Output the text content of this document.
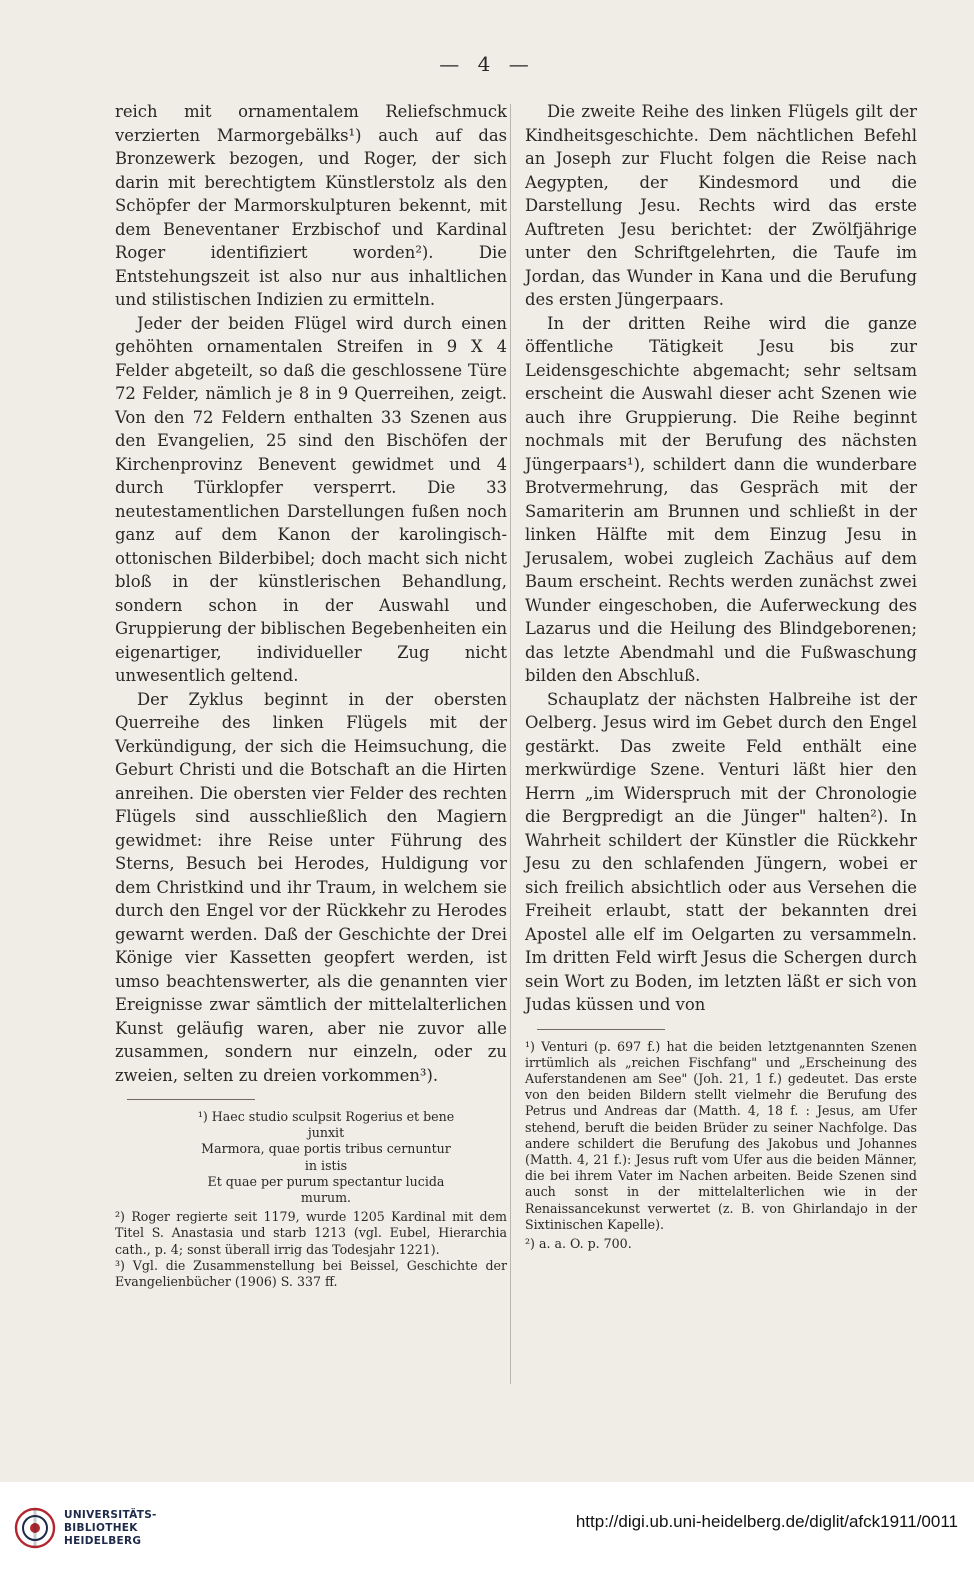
— 4 —

reich mit ornamentalem Reliefschmuck verzierten Marmorgebälks¹) auch auf das Bronzewerk bezogen, und Roger, der sich darin mit berechtigtem Künstlerstolz als den Schöpfer der Marmorskulpturen bekennt, mit dem Beneventaner Erzbischof und Kardinal Roger identifiziert worden²). Die Entstehungszeit ist also nur aus inhaltlichen und stilistischen Indizien zu ermitteln.

Jeder der beiden Flügel wird durch einen gehöhten ornamentalen Streifen in 9 X 4 Felder abgeteilt, so daß die geschlossene Türe 72 Felder, nämlich je 8 in 9 Querreihen, zeigt. Von den 72 Feldern enthalten 33 Szenen aus den Evangelien, 25 sind den Bischöfen der Kirchenprovinz Benevent gewidmet und 4 durch Türklopfer versperrt. Die 33 neutestamentlichen Darstellungen fußen noch ganz auf dem Kanon der karolingisch-ottonischen Bilderbibel; doch macht sich nicht bloß in der künstlerischen Behandlung, sondern schon in der Auswahl und Gruppierung der biblischen Begebenheiten ein eigenartiger, individueller Zug nicht unwesentlich geltend.

Der Zyklus beginnt in der obersten Querreihe des linken Flügels mit der Verkündigung, der sich die Heimsuchung, die Geburt Christi und die Botschaft an die Hirten anreihen. Die obersten vier Felder des rechten Flügels sind ausschließlich den Magiern gewidmet: ihre Reise unter Führung des Sterns, Besuch bei Herodes, Huldigung vor dem Christkind und ihr Traum, in welchem sie durch den Engel vor der Rückkehr zu Herodes gewarnt werden. Daß der Geschichte der Drei Könige vier Kassetten geopfert werden, ist umso beachtenswerter, als die genannten vier Ereignisse zwar sämtlich der mittelalterlichen Kunst geläufig waren, aber nie zuvor alle zusammen, sondern nur einzeln, oder zu zweien, selten zu dreien vorkommen³).

¹) Haec studio sculpsit Rogerius et bene
junxit
Marmora, quae portis tribus cernuntur
in istis
Et quae per purum spectantur lucida
murum.

²) Roger regierte seit 1179, wurde 1205 Kardinal mit dem Titel S. Anastasia und starb 1213 (vgl. Eubel, Hierarchia cath., p. 4; sonst überall irrig das Todesjahr 1221).

³) Vgl. die Zusammenstellung bei Beissel, Geschichte der Evangelienbücher (1906) S. 337 ff.

Die zweite Reihe des linken Flügels gilt der Kindheitsgeschichte. Dem nächtlichen Befehl an Joseph zur Flucht folgen die Reise nach Aegypten, der Kindesmord und die Darstellung Jesu. Rechts wird das erste Auftreten Jesu berichtet: der Zwölfjährige unter den Schriftgelehrten, die Taufe im Jordan, das Wunder in Kana und die Berufung des ersten Jüngerpaars.

In der dritten Reihe wird die ganze öffentliche Tätigkeit Jesu bis zur Leidensgeschichte abgemacht; sehr seltsam erscheint die Auswahl dieser acht Szenen wie auch ihre Gruppierung. Die Reihe beginnt nochmals mit der Berufung des nächsten Jüngerpaars¹), schildert dann die wunderbare Brotvermehrung, das Gespräch mit der Samariterin am Brunnen und schließt in der linken Hälfte mit dem Einzug Jesu in Jerusalem, wobei zugleich Zachäus auf dem Baum erscheint. Rechts werden zunächst zwei Wunder eingeschoben, die Auferweckung des Lazarus und die Heilung des Blindgeborenen; das letzte Abendmahl und die Fußwaschung bilden den Abschluß.

Schauplatz der nächsten Halbreihe ist der Oelberg. Jesus wird im Gebet durch den Engel gestärkt. Das zweite Feld enthält eine merkwürdige Szene. Venturi läßt hier den Herrn „im Widerspruch mit der Chronologie die Bergpredigt an die Jünger" halten²). In Wahrheit schildert der Künstler die Rückkehr Jesu zu den schlafenden Jüngern, wobei er sich freilich absichtlich oder aus Versehen die Freiheit erlaubt, statt der bekannten drei Apostel alle elf im Oelgarten zu versammeln. Im dritten Feld wirft Jesus die Schergen durch sein Wort zu Boden, im letzten läßt er sich von Judas küssen und von

¹) Venturi (p. 697 f.) hat die beiden letztgenannten Szenen irrtümlich als „reichen Fischfang" und „Erscheinung des Auferstandenen am See" (Joh. 21, 1 f.) gedeutet. Das erste von den beiden Bildern stellt vielmehr die Berufung des Petrus und Andreas dar (Matth. 4, 18 f. : Jesus, am Ufer stehend, beruft die beiden Brüder zu seiner Nachfolge. Das andere schildert die Berufung des Jakobus und Johannes (Matth. 4, 21 f.): Jesus ruft vom Ufer aus die beiden Männer, die bei ihrem Vater im Nachen arbeiten. Beide Szenen sind auch sonst in der mittelalterlichen wie in der Renaissancekunst verwertet (z. B. von Ghirlandajo in der Sixtinischen Kapelle).

²) a. a. O. p. 700.

UNIVERSITÄTS-
BIBLIOTHEK
HEIDELBERG
http://digi.ub.uni-heidelberg.de/diglit/afck1911/0011
